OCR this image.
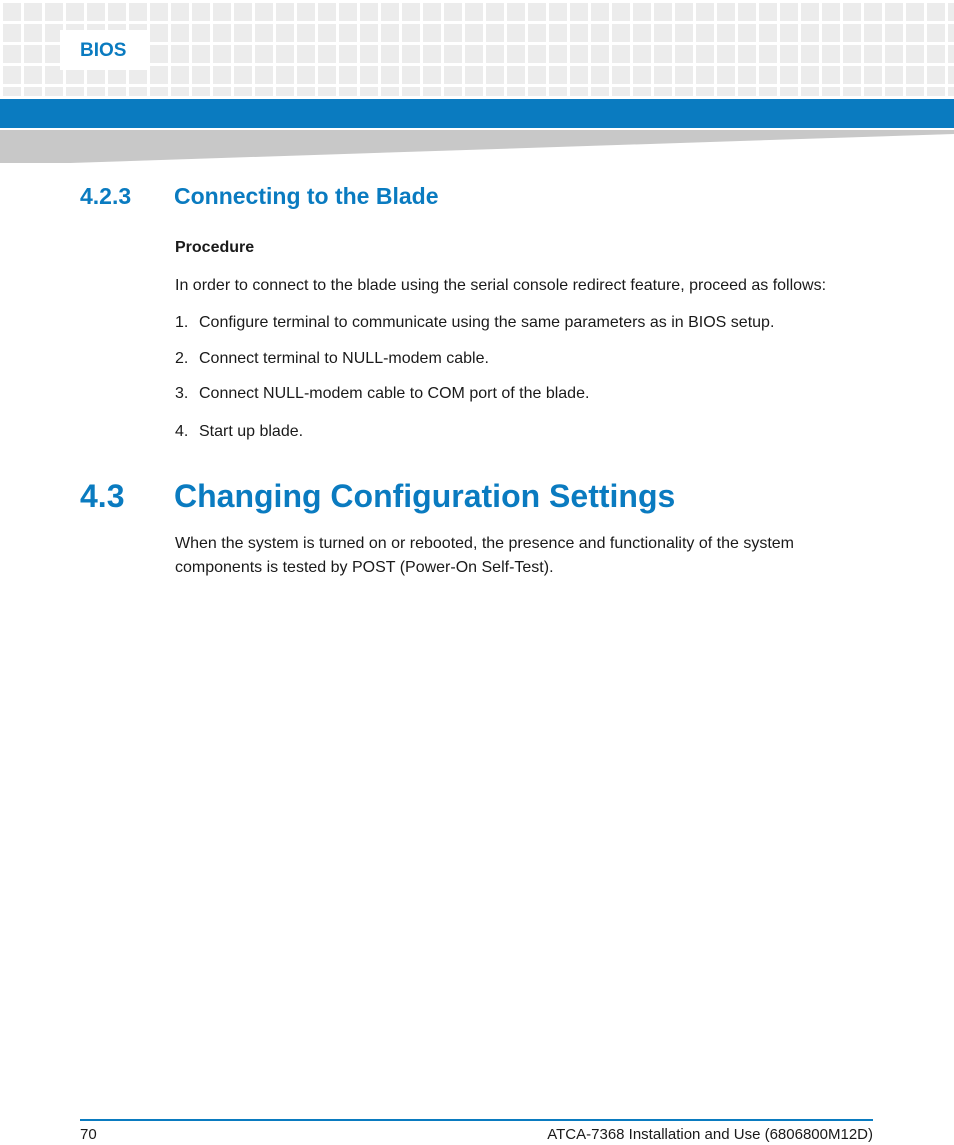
BIOS
4.2.3 Connecting to the Blade
Procedure
In order to connect to the blade using the serial console redirect feature, proceed as follows:
1. Configure terminal to communicate using the same parameters as in BIOS setup.
2. Connect terminal to NULL-modem cable.
3. Connect NULL-modem cable to COM port of the blade.
4. Start up blade.
4.3 Changing Configuration Settings
When the system is turned on or rebooted, the presence and functionality of the system components is tested by POST (Power-On Self-Test).
70	ATCA-7368 Installation and Use (6806800M12D)
